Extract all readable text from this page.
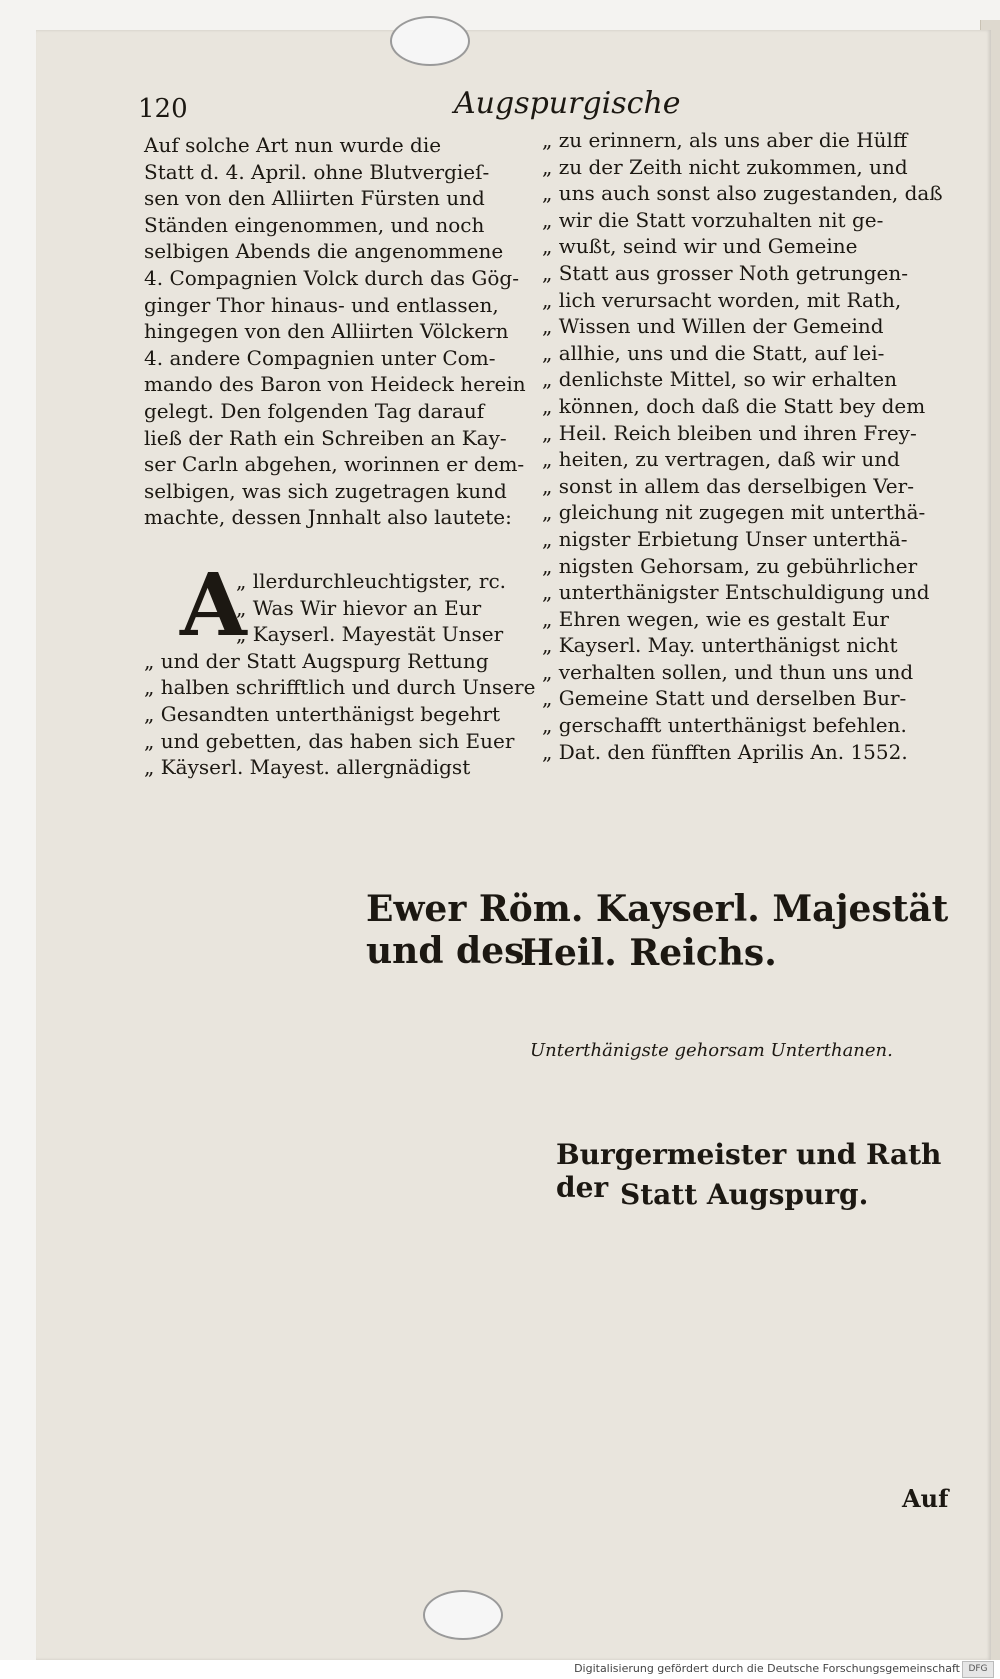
120	Augspurgische
Auf solche Art nun wurde die
Statt d. 4. April. ohne Blutvergieſ-
sen von den Alliirten Fürsten und
Ständen eingenommen, und noch
selbigen Abends die angenommene
4. Compagnien Volck durch das Gög-
ginger Thor hinaus- und entlassen,
hingegen von den Alliirten Völckern
4. andere Compagnien unter Com-
mando des Baron von Heideck herein
gelegt. Den folgenden Tag darauf
ließ der Rath ein Schreiben an Kay-
ser Carln abgehen, worinnen er dem-
selbigen, was sich zugetragen kund
machte, dessen Jnnhalt also lautete:
A
„ llerdurchleuchtigster, rc.
„ Was Wir hievor an Eur
„ Kayserl. Mayestät Unser
„ und der Statt Augspurg Rettung
„ halben schrifftlich und durch Unsere
„ Gesandten unterthänigst begehrt
„ und gebetten, das haben sich Euer
„ Käyserl. Mayest. allergnädigst
„ zu erinnern, als uns aber die Hülff
„ zu der Zeith nicht zukommen, und
„ uns auch sonst also zugestanden, daß
„ wir die Statt vorzuhalten nit ge-
„ wußt, seind wir und Gemeine
„ Statt aus grosser Noth getrungen-
„ lich verursacht worden, mit Rath,
„ Wissen und Willen der Gemeind
„ allhie, uns und die Statt, auf lei-
„ denlichste Mittel, so wir erhalten
„ können, doch daß die Statt bey dem
„ Heil. Reich bleiben und ihren Frey-
„ heiten, zu vertragen, daß wir und
„ sonst in allem das derselbigen Ver-
„ gleichung nit zugegen mit unterthä-
„ nigster Erbietung Unser unterthä-
„ nigsten Gehorsam, zu gebührlicher
„ unterthänigster Entschuldigung und
„ Ehren wegen, wie es gestalt Eur
„ Kayserl. May. unterthänigst nicht
„ verhalten sollen, und thun uns und
„ Gemeine Statt und derselben Bur-
„ gerschafft unterthänigst befehlen.
„ Dat. den fünfften Aprilis An. 1552.
Ewer Röm. Kayserl. Majestät und des
Heil. Reichs.
Unterthänigste gehorsam Unterthanen.
Burgermeister und Rath der Statt Augspurg.
Auf
Digitalisierung gefördert durch die Deutsche Forschungsgemeinschaft DFG
